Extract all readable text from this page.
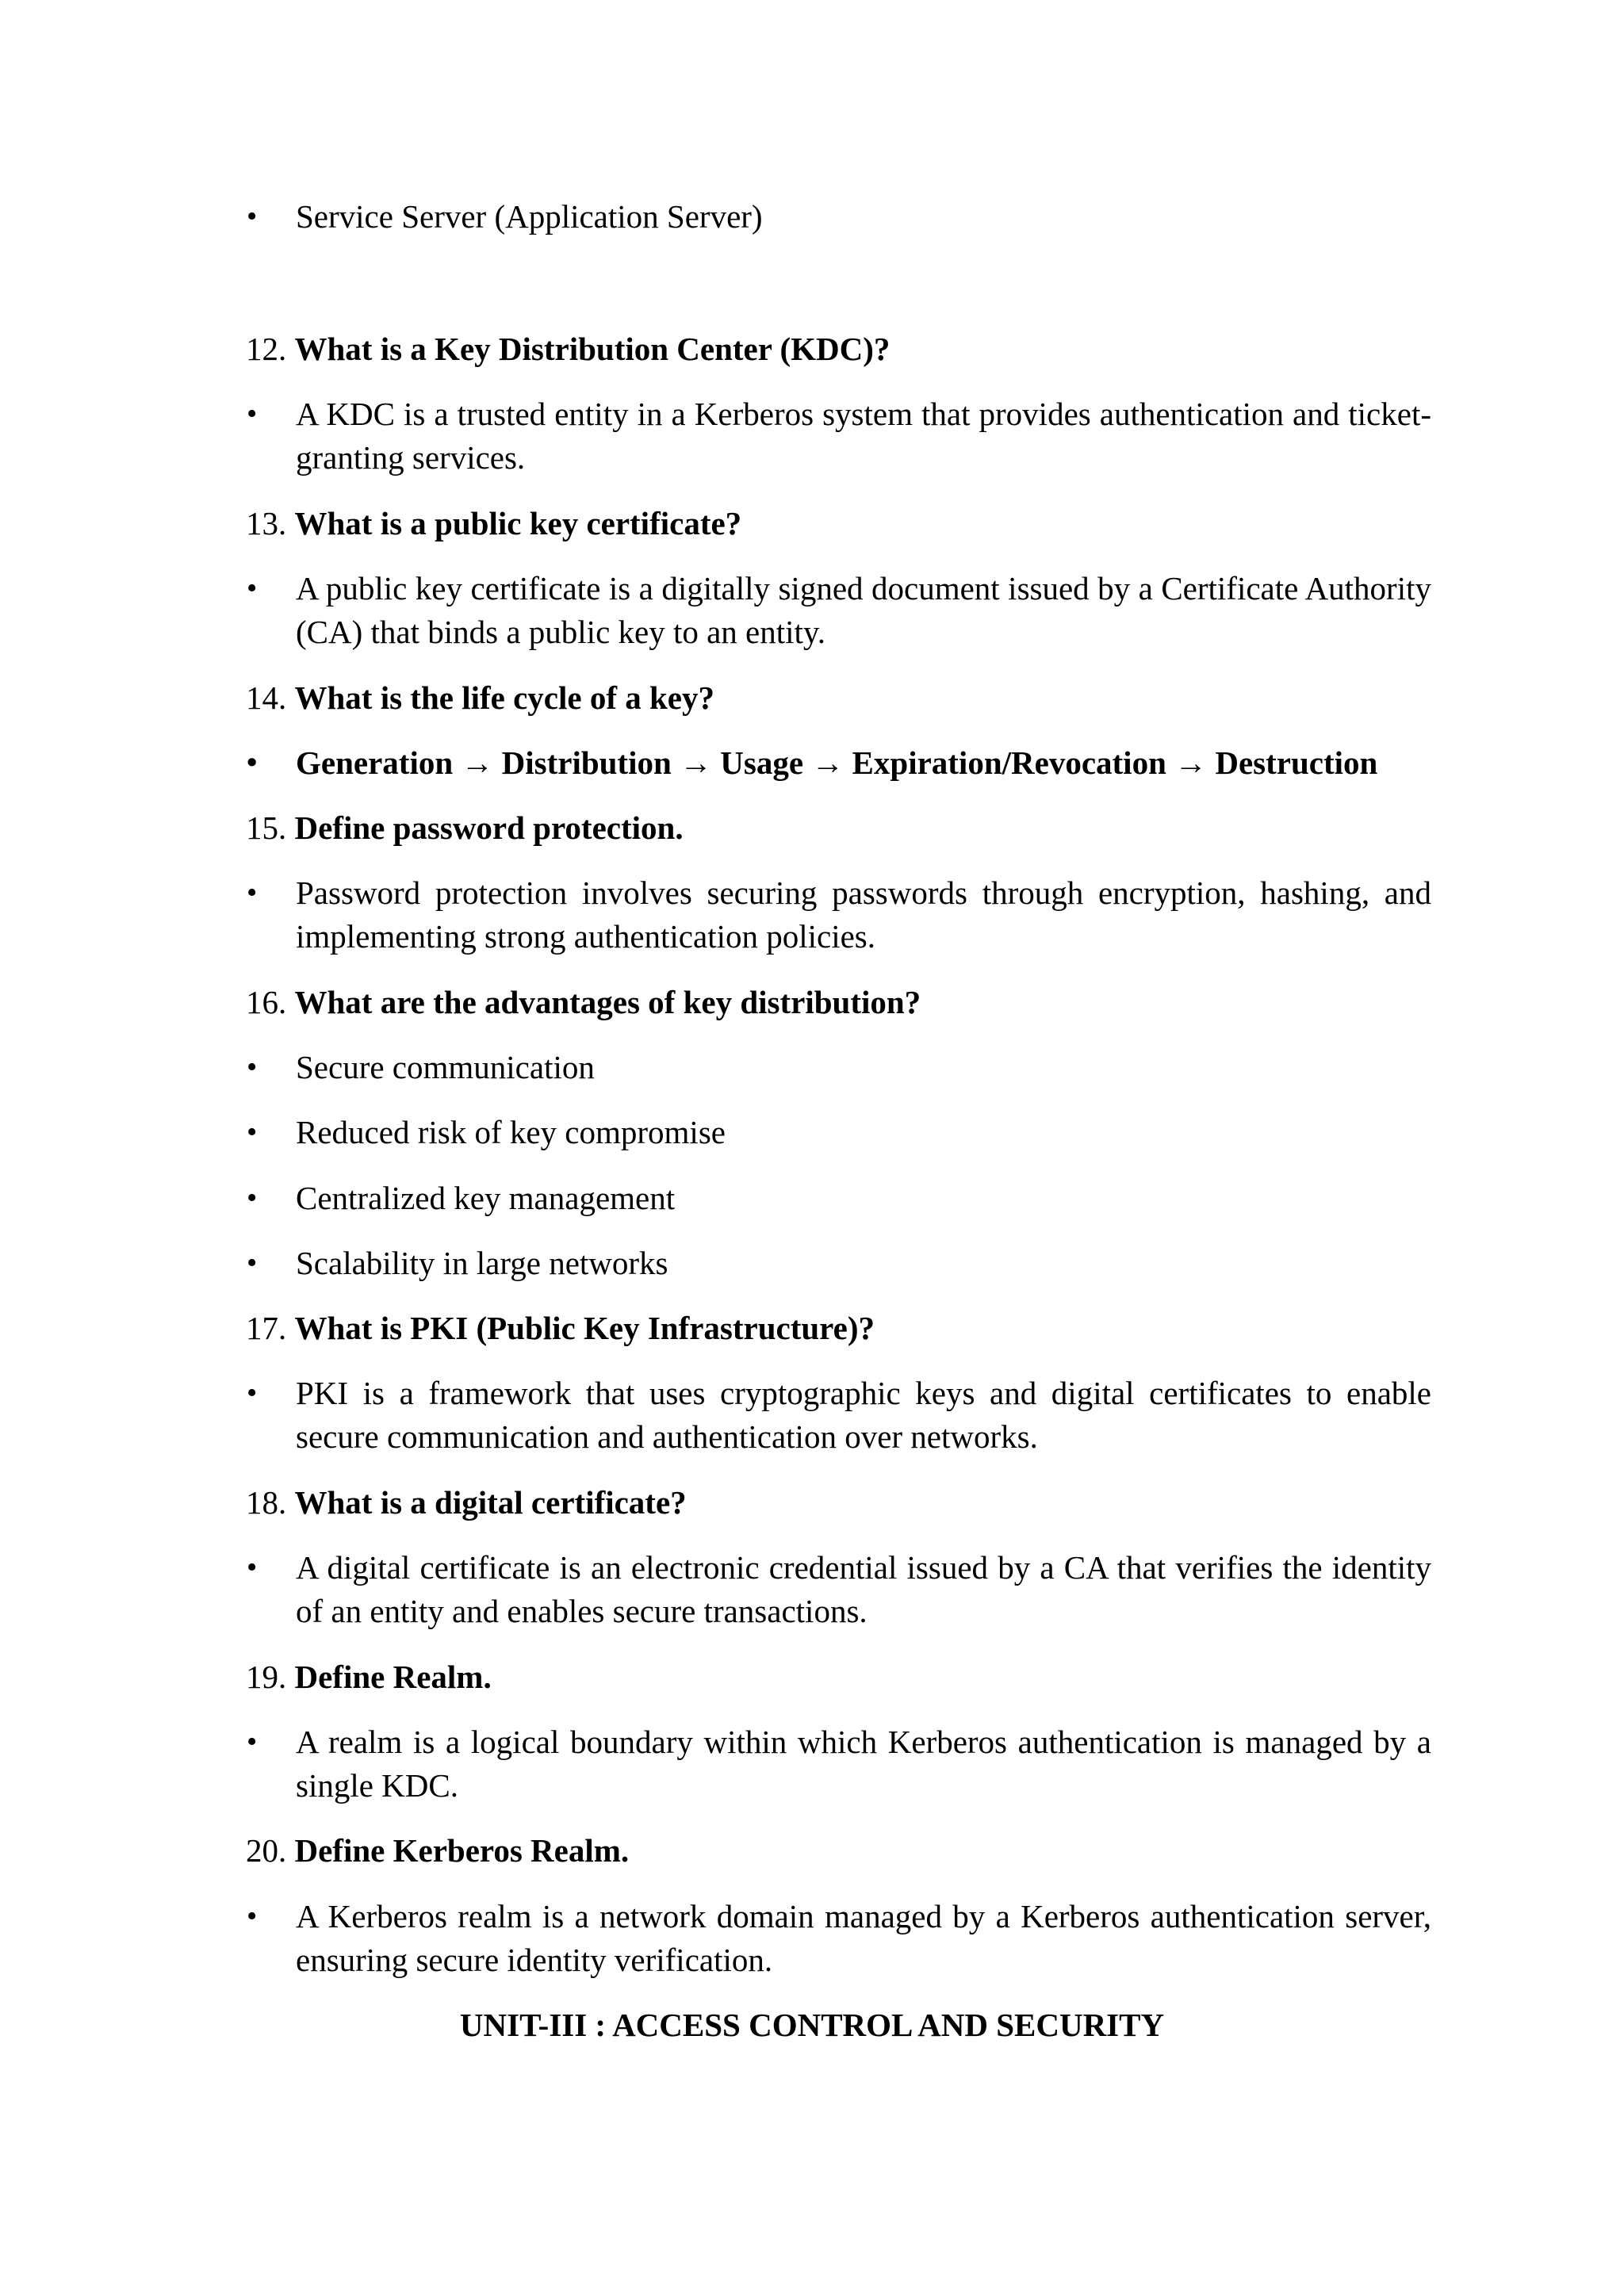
• Service Server (Application Server)
12. What is a Key Distribution Center (KDC)?
• A KDC is a trusted entity in a Kerberos system that provides authentication and ticket-granting services.
13. What is a public key certificate?
• A public key certificate is a digitally signed document issued by a Certificate Authority (CA) that binds a public key to an entity.
14. What is the life cycle of a key?
• Generation → Distribution → Usage → Expiration/Revocation → Destruction
15. Define password protection.
• Password protection involves securing passwords through encryption, hashing, and implementing strong authentication policies.
16. What are the advantages of key distribution?
• Secure communication
• Reduced risk of key compromise
• Centralized key management
• Scalability in large networks
17. What is PKI (Public Key Infrastructure)?
• PKI is a framework that uses cryptographic keys and digital certificates to enable secure communication and authentication over networks.
18. What is a digital certificate?
• A digital certificate is an electronic credential issued by a CA that verifies the identity of an entity and enables secure transactions.
19. Define Realm.
• A realm is a logical boundary within which Kerberos authentication is managed by a single KDC.
20. Define Kerberos Realm.
• A Kerberos realm is a network domain managed by a Kerberos authentication server, ensuring secure identity verification.
UNIT-III : ACCESS CONTROL AND SECURITY
